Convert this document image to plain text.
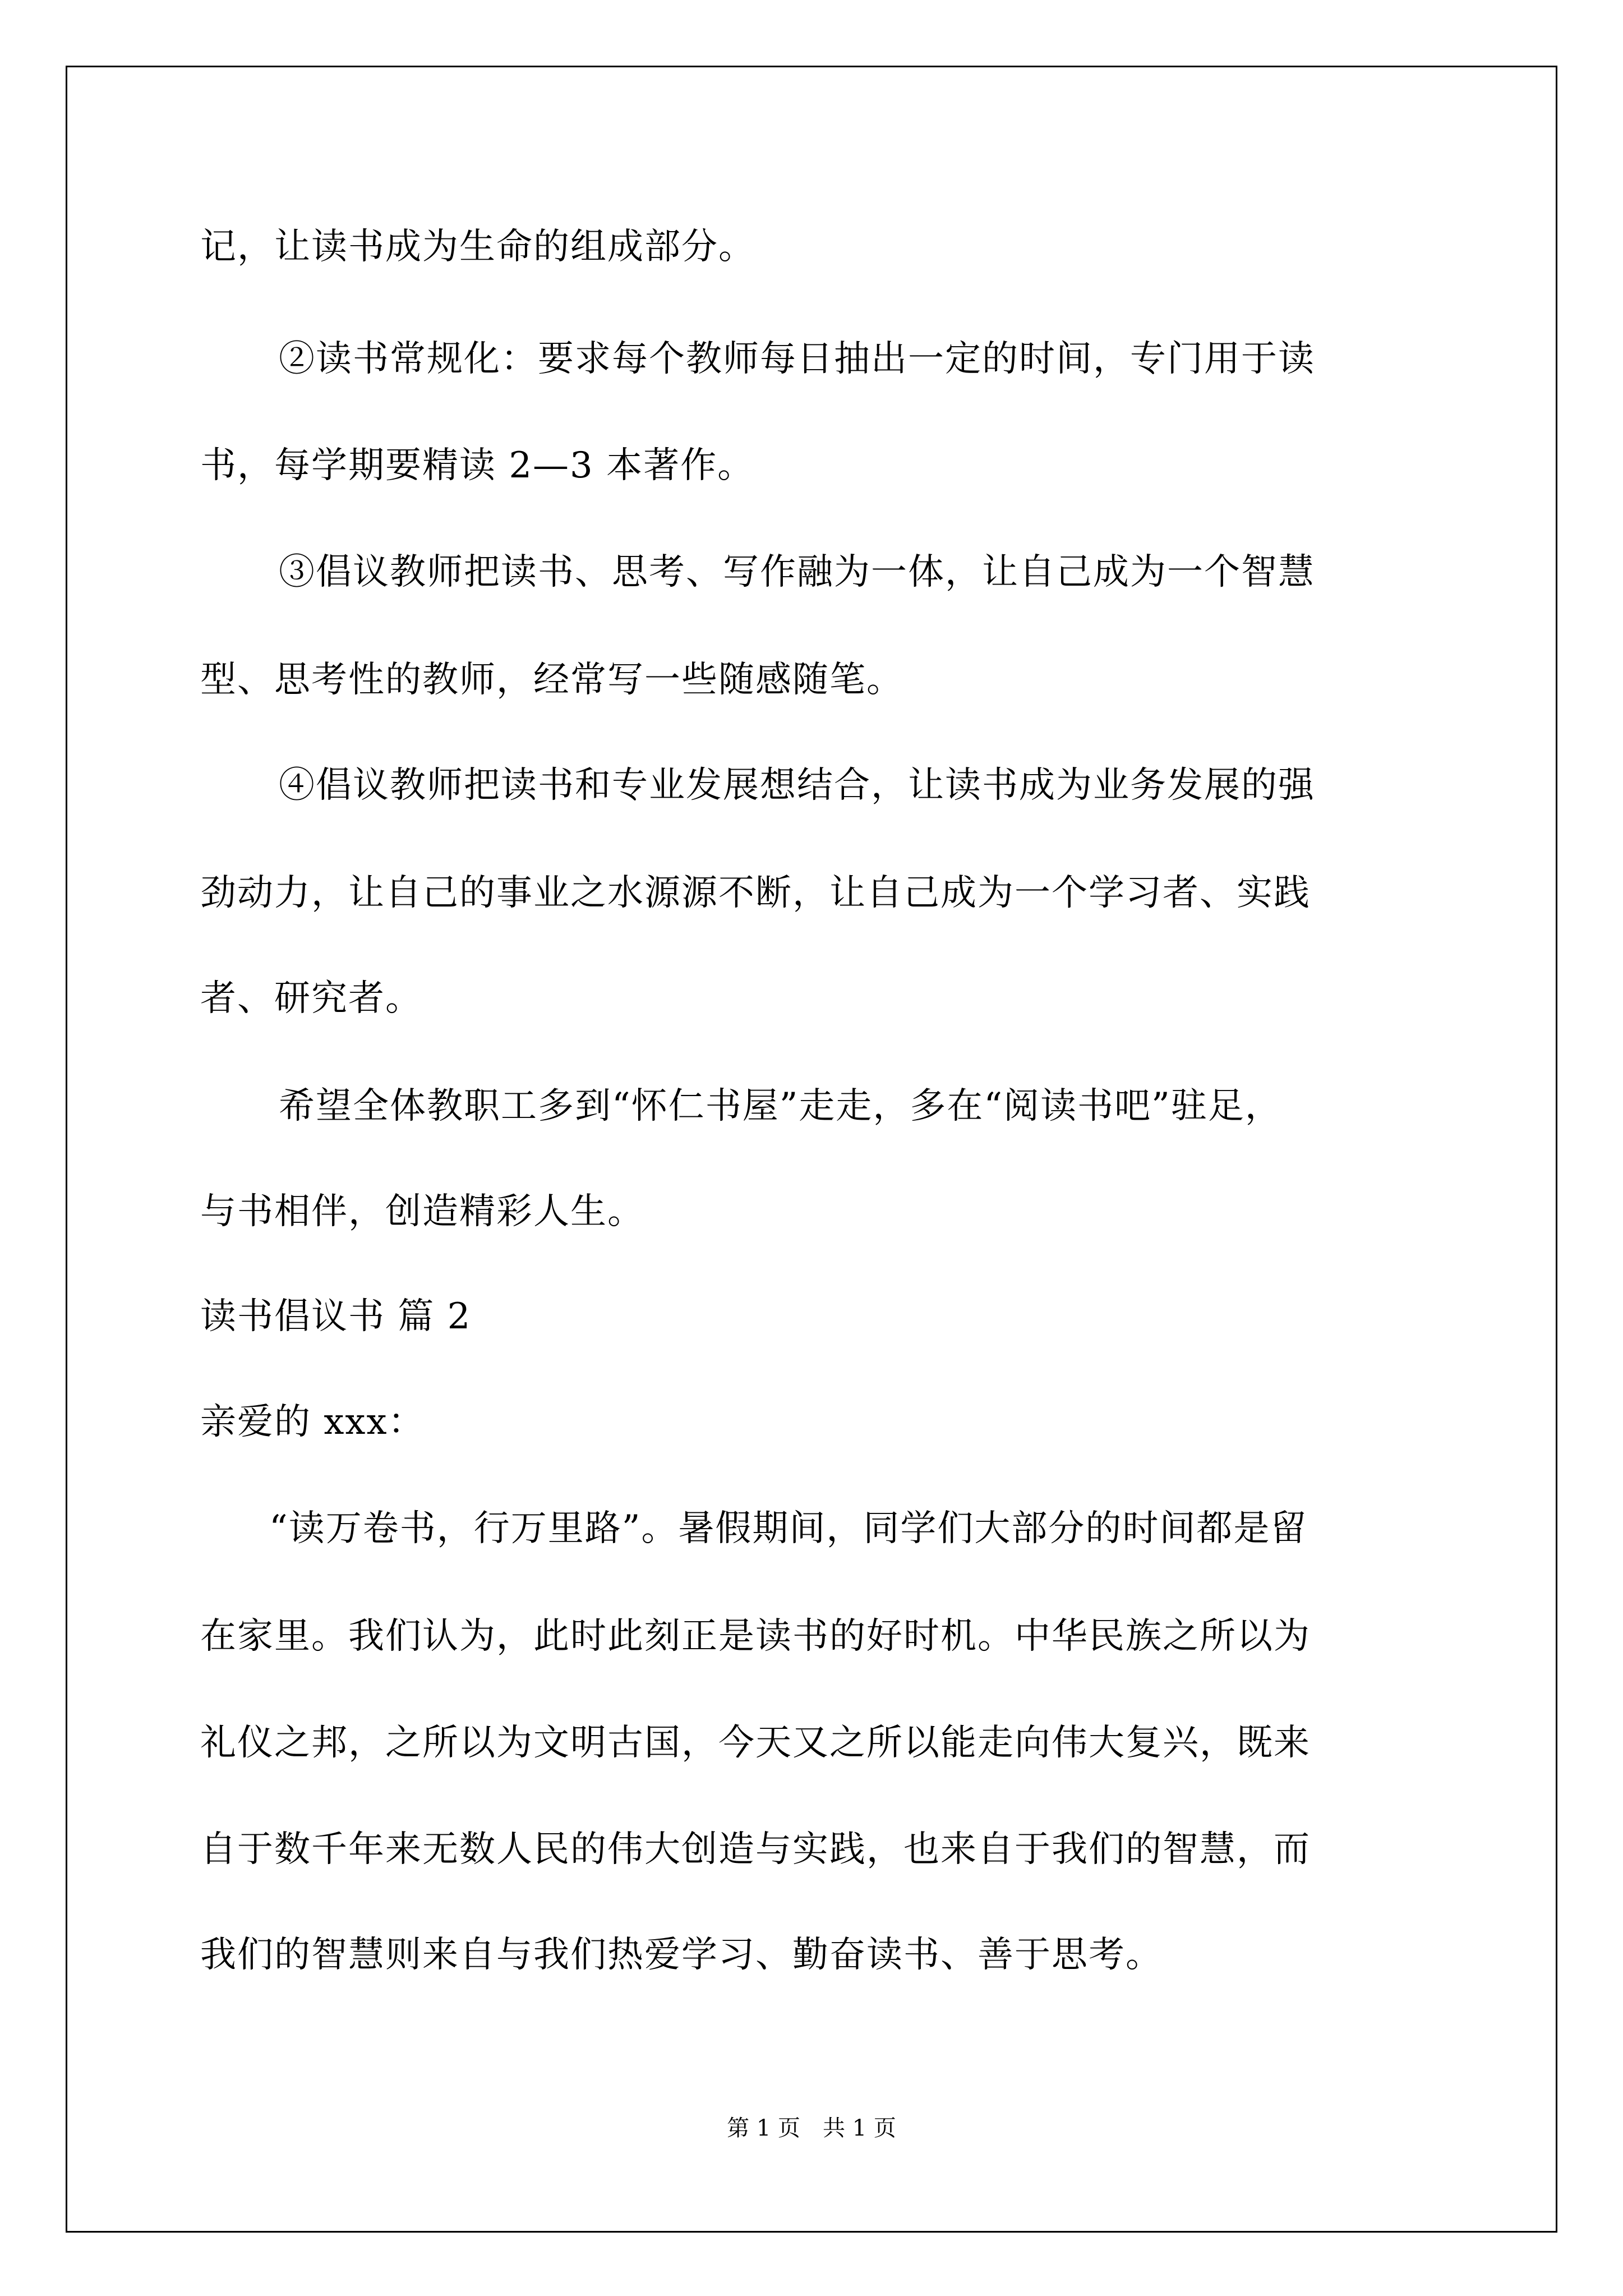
记，让读书成为生命的组成部分。
②读书常规化：要求每个教师每日抽出一定的时间，专门用于读
书，每学期要精读 2—3 本著作。
③倡议教师把读书、思考、写作融为一体，让自己成为一个智慧
型、思考性的教师，经常写一些随感随笔。
④倡议教师把读书和专业发展想结合，让读书成为业务发展的强
劲动力，让自己的事业之水源源不断，让自己成为一个学习者、实践
者、研究者。
希望全体教职工多到“怀仁书屋”走走，多在“阅读书吧”驻足，
与书相伴，创造精彩人生。
读书倡议书 篇 2
亲爱的 xxx：
“读万卷书，行万里路”。暑假期间，同学们大部分的时间都是留
在家里。我们认为，此时此刻正是读书的好时机。中华民族之所以为
礼仪之邦，之所以为文明古国，今天又之所以能走向伟大复兴，既来
自于数千年来无数人民的伟大创造与实践，也来自于我们的智慧，而
我们的智慧则来自与我们热爱学习、勤奋读书、善于思考。
第 1 页　共 1 页
